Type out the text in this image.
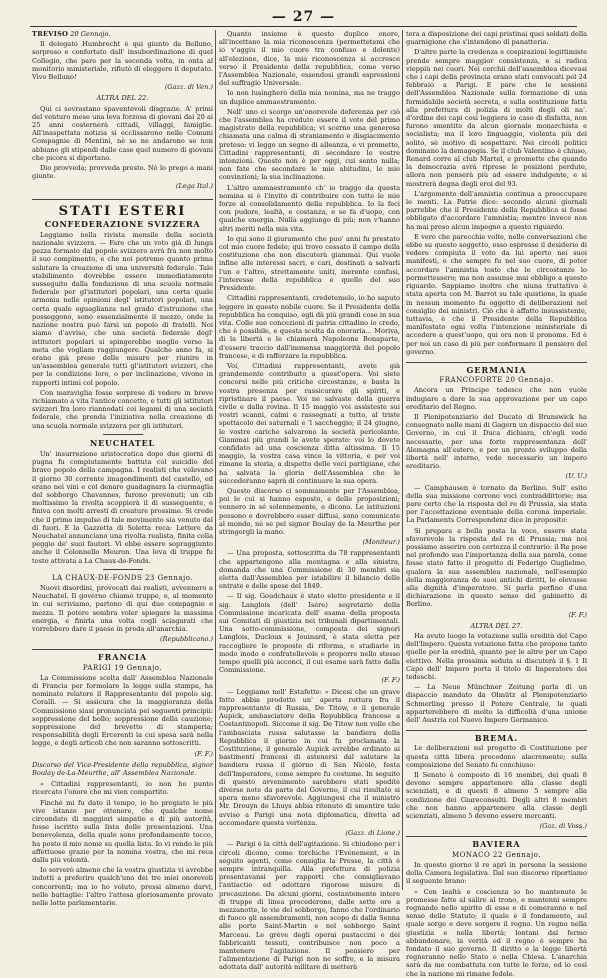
— 27 —

TREVISO 20 Gennajo.

Il delegato Humbrecht è qui giunto da Belluno, sorpreso e confortato dall' insubordinazione di quel Collegio, che pare per la seconda volta, in onta al monitorio ministeriale, rifiutò di eleggere il deputato. Vivo Belluno!

(Gazz. di Ven.)
ALTRA DEL 22.

Qui ci sovrastano spaventevoli disgrazie. A' primi del venturo mese una leva forzosa di giovani dai 20 ai 25 anni costernerà cittadi, villaggi, famiglie. All'inaspettata notizia si ecclissarono nelle Comuni Compagnie di Mentini, nè se ne andarono se non abbiano gli stipendi dalle case quel numero di giovani che picora si diportano.

Dio provveda; provveda presto. Nè lo prego a mani giunte.

(Lega Ital.)
STATI ESTERI
CONFEDERAZIONE SVIZZERA

Leggiamo nella rivista mensile della società nazionale svizzera. — Fare che un voto già di lunga pezza formato dal popolo svizzero avrà fra non molto il suo compimento, e che noi potremo quanto prima salutare la creazione di una università federale. Tale stabilimento dovrebbe essere immediatamente susseguito dalla fondazione di una scuola normale federale per gl'istitutori popolari, una certa quale armonia nelle opinioni degl' istitutori popolari, una certa quale eguaglianza nel grado d'istruzione che posseggono, sono essenzialmente il mezzo, onde la nazione nostra può farsi un popolo di fratelli. Noi siamo d'avviso, che una società federale degl' istitutori popolari si spingerebbe meglio verso la meta che vogliam raggiungere. Qualche anno fa, si erano già prese delle misure per riunire in un'assemblea generale tutti gl'istitutori svizzeri, che per le condizione loro, o per inclinazione, vivono in rapporti intimi col popolo.

Con maraviglia fosse sorprese di vedere in breve richiamato a vita l'antico concetto, e tutti gli istitutori svizzeri fra loro riannodati coi legami di una società federale, che prenda l'iniziativa nella creazione di una scuola normale svizzera per gli istitutori.

NEUCHATEL

Un' insurrezione aristocratica dopo due giorni di pugna fu compiutamente battuta col suicidio del bravo popolo della campagna. I realisti che volevano il giorno 30 corrente imagondimenti del castello, ed erano nei vini e col denaro guadagnara la ciurmaglia del sobborgo Chavannes, furono prevenuti; un cib moltissimo la rivolta scoppierà il di susseguente, e finiva con molti arresti di creature prossime. Si crede che il primo impulso di tale movimento sia venuto dal di fuori. E la Gazzetta di Soletta reca: Lettere da Neuchatel annunciano una rivolta realista, finita colla peggio de' suoi fautori. Vi ebbe essere sopraggiunto anche il Colonnello Meuron. Una leva di truppe fu tosto attivata a La Chaux-de-Fonds.

LA CHAUX-DE-FONDS 23 Gennajo.

Nuovi disordini, provocati dai realisti, avvennero a Neuchatel. Il governo chiamò truppe, e, al momento in cui scriviamo, partono di qui due compagnie e mezza. Il potere sembra voler spiegare la massima energia, e finirla una volta cogli sciagurati che vorrebbero dare il paese in preda all'anarchia.

(Repubblicano.)
FRANCIA
PARIGI 19 Gennajo.

La Commissione scelta dall' Assemblea Nazionale di Francia per formolare la legge sulla stampa, ha nominato relatore il Rappresentante del popolo sig. Corallì. — Si assicura che la maggioranza della Commissione siasi pronunciata pei seguenti principii: soppressione del bollo; soppressione della cauzione; soppressione del brevetto di stamperia; responsabilità degli Ercerenti la cui spesa sarà nella legge, e degli articoli che non saranno sottoscritti.

(F. F.)

Discorso del Vice-Presidente della repubblica, signor Boulay de-La-Meurthe, all' Assemblea Nazionale.

« Cittadini rappresentanti, io non ho punto ricercato l'onore che mi vien compartito.

Finchè mi fu dato il tempo, io ho pregiato le più vive istanze per ottenere, che qualche nome circondato di maggiori simpatie e di più autorità, fosse iscritto sulla lista delle presentazioni. Una benevolenza, della quale sono profondamente tocco, ha posto il mio nome su quella lista. Io vi rendo le più affettuose grazie per la nomina vostra, che mi reca dalla più volontà.

Io serverò almeno che la vostra giustizia vi avrebbe indotti a preferire qualch'uno dei tre miei onorevoli concorrenti; ma io ho voluto, pressi almeno darvi, nelle battaglie: l'altro l'attesa gloriosamente provato nelle lotte parlamentarie.

Quanto insieme è questo duplice onore, all'incettano la mia riconoscenza (permettetemi che io v'aggiu il mio cuore tra confuso e dolente) all'elezione, dice, la mia riconoscenza si accresce verso il Presidente della repubblica, come verso l'Assemblea Nazionale, essendosi grandi espressioni del suffragio Universale.

Io non lusingherò della mia nomina, ma ne traggo un duplice ammaestramento.

Nell' uno ci scorgo un'onorevole deferenza per ciò che l'assemblea ha creduto essere il voto del primo magistrato della repubblica; vi scerno una generosa chiamata una calma di straniamento e disgiacimento preteso: vi leggo un segno di alleanza, e vi prometto, Cittadini rappresentanti, di secondare le vostre intenzioni. Questo non è per oggi, cui sento nulla; non fate che secondare le mie abitudini, le mie convinzioni; la sua inclinazione.

L'altro ammaestramento ch' io traggo da questa nomina si è l'invito di contribuire con tutte le mie forze al consolidamento della repubblica. Io la feci con pudore, lealtà, e costanza, e se fa d'uopo, con qualche energia. Nulla aggiungo di più; non v'hanno altri meriti nella mia vita.

Io qui sono il giuramento che puo' anni fu prestato col mio cuore fedele; qui trovo cessato il campo della costituzione che non discuterà giammai. Qui vuole infine alle interessi sacri, e cari, destinati a salvarli l'un e l'altro, strettamente uniti, inerente confusi, l'interesse della repubblica e quello del suo Presidente.

Cittadini rappresentanti, credetemelo, io ho saputo leggere in questo nobile cuore. Se il Presidente della repubblica ha conquiso, egli dà più grandi cose in sua vita. Colle sue concezioni di patria cittadino io credo, che è possibile, e questa scelta da onoraria... Moriva, di la libertà e le chiamerà Napoleone Bonaparte, d'essere traccio dall'immensa maggiorità del popolo francese, e di rafforzare la repubblica.

Voi, Cittadini rappresentanti, avete già grandemente contribuito a quest'opera. Voi siete concorsi nelle più critiche circostanze, e basta la vostra presenza per rassicurare gli spiriti, e ripristinare il paese. Voi ne salvaste della guerra civile e dalla rovina. Il 15 maggio voi assisteste sui vostri scanni, calmi e rassegnati a tutto, al triste spettacolo dei saturnali e 'l saccheggio; il 24 giugno, le vostre cariche salvarono la società pericolante. Giammai più grandi le avete sperato: voi lo dovete confidato ad una coscienza ditta altissima. Il 15 maggio, la vostra casa vince la vittoria, e per voi rimane la storia, a dispetto delle voci partigiane, che ha salvata la gloria dell'Assemblea che le succederanno saprà di continuare la sua opera.

Questo discorso ci sommamente per l'Assemblea, poi le cui si hanno esposto, e delle proposizioni; vennero in sé solennemente, e dicono. Le istituzioni possono e dovrebbero esser diffusi, sono comunicate al mondo, nè se pel signor Boulay de la Meurthe per stringergli la mano.

(Moniteur.)

— Una proposta, sottoscritta da 78 rappresentanti che appartengono alla montagna e alla sinistra, domanda che una Commissione di 30 membri sia eletta dall'Assemblea per istabilire il bilancio delle entrate e delle spese del 1849.

— Il sig. Goudchaux è stato eletto presidente e il sig. Langlois (dell' Isère) segretario della Commissione incaricata dell' esame della proposta sui Comitati di giustizia nei tribunali dipartimentali. Una sotto-commissione, composta dei signori Langlois, Ducloux e Jouinard, è stata eletta per raccogliere le proposte di riforma, e studiarle in modo inodo e confratellevole e proporre nello stesso tempo quelli più acconci, il cui esame sarà fatto dalla Commissione.

(F. F.)

— Leggiamo nell' Estafette: « Dicesi che un grave fatto abbia prodotto un' aperta rottura fra il rappresentante di Russia, De Titow, e il generale Aupick, ambasciatore della Repubblica francese a Costantinopoli. Siccome il sig. De Titow non volle che l'ambasciata russa salutasse la bandiera della Repubblica il giorno in cui fu proclamata la Costituzione, il generale Aupick avrebbe ordinato ai bastimenti francesi di astenersi dal salutare la bandiera russa il giorno di San Nicolò, festa dell'Imperatore, come sempre fu costume. In seguito di questo avvenimento sarebbero stati spedite diverse note da parte del Governo, il cui risultato si spera meno sfavorevole. Aggiungesi che il ministro Mr. Drouyn de Lhuys abbia ritenuto di smentire tale avviso a Parigi una nota diplomatica, diretta ad accomodare questa vertenza.

(Gazz. di Lione.)

— Parigi è la città dell'agitazione. Si chiudono per i circoli dicono, come torchiche l'Evenement, e in seguito agenti, come consiglia la Presse, la città è sempre intranquilla. Alla prefettura di polizia presentavansi per rapporti che consigliavano l'antiactio ed adottare rigorose misure di precauzione. Da alcuni giorni, costantemente intere di truppe di linea procederono, dalle sette ore a mezzanotte, le vie del sobborgo, fanno che l'ordinario di fuoco gli assembramenti, non scopo di dalla Senna alle porte Saint-Martin e nel sobborgo Saint Marceau. Le grève degli operai pastaccini e dei fabbricanti tessuti, contribuisce non poco a mantenere l'agitazione. Il pensiero per l'alimentazione di Parigi non ne soffre, e la misura adottata dall' autorità militare di metterà

tera a disposizione dei capi pristinai quei soldati della guarnigione che s'intendono di panatteria.

D'altre parte la credenza e cospirazioni legittimiste prende sempre maggior consistenza, e si radica vieppiù nei cuori. Nei cerchii dell'assemblea dicevasi che i capi della provincia erano stati convocati pel 24 febbraio a Parigi. E pare che le sessioni dell'Assemblea Nazionale sulla formazione di una formidabile società secreta, e sulla sostituzione fatta alla prefettura di polizia di molti degli oli na'. d'ordine dei capi così leggiera io caso di disfatta, non furono smentite da alcun giornale monarchista e socialista; ma il loro linguaggio, violenta più del solito, sè motivo di sospettare. Nei circoli politici dominano la demagogia. Se il club Valentino è chiuso, Renard corre al club Martel, e promette che quando la democrazia avrà riprese le posizioni perdute, allora non penserà più ad essere indulgente, e si mostrerà degna degli eroi del 93.

L'argomento dell'amnistia continua a preoccupare le menti. La Patrie dice: secondo alcuni giornali parrebbe che il Presidente della Repubblica si fosse obbligato d'accordare l'amnistia; mentre invece non ha mai preso alcun impegno a questo riguardo.

E vero che parecchie volte, nelle conversazioni che ebbe su questo soggetto, esso espresse il desiderio di vedere compiuta il voto da lui aperto nei suoi manifesti, e che sempre fu nel suo cuore, di poter accordare l'amnistia tosto che le circostanze lo permettessero; ma non assunse mai obbligo a questo riguardo. Sappiamo inoltre che niuna trattativa è stata aperta con M. Barrot su tale quistione, la quale in nessun momento fu oggetto di deliberazioni nel consiglio dei ministri. Ciò che è affatto insussistente, tuttavia, è che il Presidente della Repubblica manifestato ogni volta l'intenzione ministeriale di accedere a quest'uopo, qui ora non il pronome. Ed è per noi un caso di più per conformare il pensiero del governo.

GERMANIA
FRANCOFORTE 20 Gennajo.

Ancora un Principe tedesco che non vuole indugiare a dare la sua approvazione per un capo ereditario del Regno.

Il Plenipotenziario del Ducato di Brunswick ha consegnato nelle mani di Gagern un dispaccio del suo Governo, in cui il Duca dichiara, ch'egli vede necessario, per una forte rappresentanza dell' Alemagna all'estero, e per un pronto sviluppo della libertà nell' interno, vede necessario un impero ereditario.

(U. U.)

— Camphausen è tornato da Berlino. Sull' esito della sua missione corrono voci contraddittorie; ma pare certo che la risposta del re di Prussia, sia stata per l'accettazione eventuale della corona imperiale. La Parlaments Correspondenz dice in proposito:

Si prepara a bella posta la voce, essere stata sfavorevole la risposta del re di Prussia; ma noi possiamo asserire con certezza il contrario: il Re pose nel profondo suo l'importanza della sua parola, come fosse stato fatto il progetto di Federigo Guglielmo, qualora la sua assemblea nazionale, nell'esempio della maggioranza de suoi antichi diritti, lo elevasse alla dignità d'imperatore. Si parla perfino d'una dichiarazione in questo senso del gabinetto di Berlino.

(F. F.)
ALTRA DEL 27.

Ha avuto luogo la votazione sulla eredità del Capo dell'Impero. Questa votazione fatta che propone tanto quelle per la eredità, quanto per le altre per un Capo elettivo. Nella prossima seduta si discuterà il §. 1 Il Capo dell' Impero porta il titolo di Imperatore dei tedeschi.

— La Neue Münchner Zeitung parla di un dispaccio mandato da Olmütz al Plenipotenziario Schmerling presso il Potere Centrale, le quali apparterebbero di molto la difficoltà d'una unione dell' Austria col Nuovo Impero Germanico.

BREMA.

Le deliberazioni sul progetto di Costituzione per questa città libera procedono alacremente; sulla composizione del Senato fu conchiuso:

Il Senato è composto di 16 membri, dei quali 8 devono sempre appartenere alla classe degli scienziati, e di questi 8 almeno 5 sempre alla condizione dei Giureconsulti. Degli altri 8 membri che non hanno appartenere alla classe degli scienziati, almeno 5 devono essere mercanti.

(Gaz. di Voss.)
BAVIERA
MONACO 22 Gennajo.

In questo giorno il re aprì in persona la sessione della Camera legislativa. Dal suo discorso riportiamo il seguente brano:

« Con lealtà e coscienza io ho mantenuto le promesse fatte al salire al trono, e mantenni sempre regnando nello spirito di esse e di comeranno e nel senso dello Statuto; il quale è il fondamento, sul quale sorge e deve sorgere il regno. Un regno nella giustizia e nella libertà; lontani dal fermo abbandonare, la verità ed il regno è sempre ha fondato il suo governo. Il diritto e la legge libertà regneranno nello Stato e nella Chiesa. L'anarchia sarà da me combattuta con tutte le forze, ed io così che la nazione mi rimane fedele.
